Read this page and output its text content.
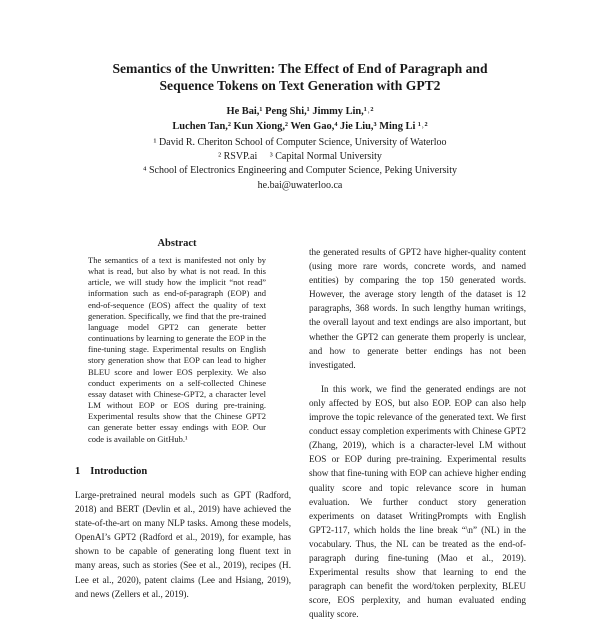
Semantics of the Unwritten: The Effect of End of Paragraph and
Sequence Tokens on Text Generation with GPT2
He Bai,¹ Peng Shi,¹ Jimmy Lin,¹˒²
Luchen Tan,² Kun Xiong,² Wen Gao,⁴ Jie Liu,³ Ming Li ¹˒²
¹ David R. Cheriton School of Computer Science, University of Waterloo
² RSVP.ai     ³ Capital Normal University
⁴ School of Electronics Engineering and Computer Science, Peking University
he.bai@uwaterloo.ca
Abstract
The semantics of a text is manifested not only by what is read, but also by what is not read. In this article, we will study how the implicit “not read” information such as end-of-paragraph (EOP) and end-of-sequence (EOS) affect the quality of text generation. Specifically, we find that the pre-trained language model GPT2 can generate better continuations by learning to generate the EOP in the fine-tuning stage. Experimental results on English story generation show that EOP can lead to higher BLEU score and lower EOS perplexity. We also conduct experiments on a self-collected Chinese essay dataset with Chinese-GPT2, a character level LM without EOP or EOS during pre-training. Experimental results show that the Chinese GPT2 can generate better essay endings with EOP. Our code is available on GitHub.¹
1 Introduction
Large-pretrained neural models such as GPT (Radford, 2018) and BERT (Devlin et al., 2019) have achieved the state-of-the-art on many NLP tasks. Among these models, OpenAI’s GPT2 (Radford et al., 2019), for example, has shown to be capable of generating long fluent text in many areas, such as stories (See et al., 2019), recipes (H. Lee et al., 2020), patent claims (Lee and Hsiang, 2019), and news (Zellers et al., 2019).

the generated results of GPT2 have higher-quality content (using more rare words, concrete words, and named entities) by comparing the top 150 generated words. However, the average story length of the dataset is 12 paragraphs, 368 words. In such lengthy human writings, the overall layout and text endings are also important, but whether the GPT2 can generate them properly is unclear, and how to generate better endings has not been investigated.

In this work, we find the generated endings are not only affected by EOS, but also EOP. EOP can also help improve the topic relevance of the generated text. We first conduct essay completion experiments with Chinese GPT2 (Zhang, 2019), which is a character-level LM without EOS or EOP during pre-training. Experimental results show that fine-tuning with EOP can achieve higher ending quality score and topic relevance score in human evaluation. We further conduct story generation experiments on dataset WritingPrompts with English GPT2-117, which holds the line break “\n” (NL) in the vocabulary. Thus, the NL can be treated as the end-of-paragraph during fine-tuning (Mao et al., 2019). Experimental results show that learning to end the paragraph can benefit the word/token perplexity, BLEU score, EOS perplexity, and human evaluated ending quality score.
